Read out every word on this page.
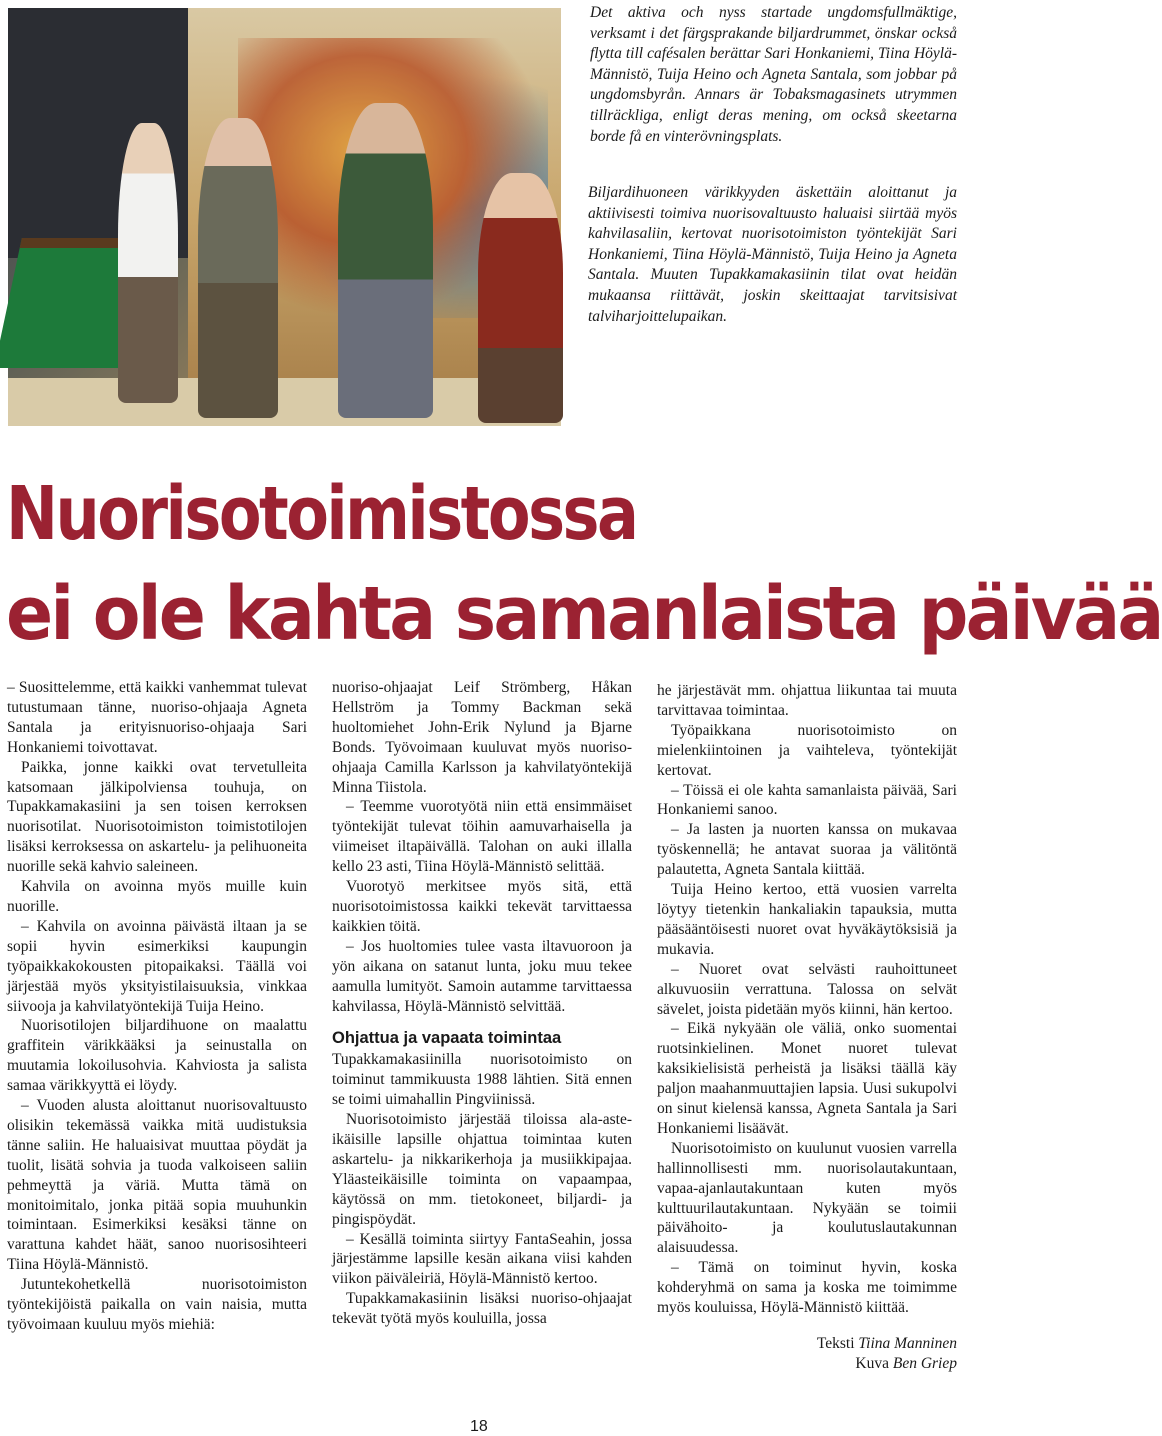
Det aktiva och nyss startade ungdomsfullmäktige, verksamt i det färgsprakande biljardrummet, önskar också flytta till cafésalen berättar Sari Honkaniemi, Tiina Höylä-Männistö, Tuija Heino och Agneta Santala, som jobbar på ungdomsbyrån. Annars är Tobaksmagasinets utrymmen tillräckliga, enligt deras mening, om också skeetarna borde få en vinterövningsplats.

Biljardihuoneen värikkyyden äskettäin aloittanut ja aktiivisesti toimiva nuorisovaltuusto haluaisi siirtää myös kahvilasaliin, kertovat nuorisotoimiston työntekijät Sari Honkaniemi, Tiina Höylä-Männistö, Tuija Heino ja Agneta Santala. Muuten Tupakkamakasiinin tilat ovat heidän mukaansa riittävät, joskin skeittaajat tarvitsisivat talviharjoittelupaikan.

Nuorisotoimistossa
ei ole kahta samanlaista päivää

– Suosittelemme, että kaikki vanhemmat tulevat tutustumaan tänne, nuoriso-ohjaaja Agneta Santala ja erityisnuoriso-ohjaaja Sari Honkaniemi toivottavat.

Paikka, jonne kaikki ovat tervetulleita katsomaan jälkipolviensa touhuja, on Tupakkamakasiini ja sen toisen kerroksen nuorisotilat. Nuorisotoimiston toimistotilojen lisäksi kerroksessa on askartelu- ja pelihuoneita nuorille sekä kahvio saleineen.

Kahvila on avoinna myös muille kuin nuorille.

– Kahvila on avoinna päivästä iltaan ja se sopii hyvin esimerkiksi kaupungin työpaikkakokousten pitopaikaksi. Täällä voi järjestää myös yksityistilaisuuksia, vinkkaa siivooja ja kahvilatyöntekijä Tuija Heino.

Nuorisotilojen biljardihuone on maalattu graffitein värikkääksi ja seinustalla on muutamia lokoilusohvia. Kahviosta ja salista samaa värikkyyttä ei löydy.

– Vuoden alusta aloittanut nuorisovaltuusto olisikin tekemässä vaikka mitä uudistuksia tänne saliin. He haluaisivat muuttaa pöydät ja tuolit, lisätä sohvia ja tuoda valkoiseen saliin pehmeyttä ja väriä. Mutta tämä on monitoimitalo, jonka pitää sopia muuhunkin toimintaan. Esimerkiksi kesäksi tänne on varattuna kahdet häät, sanoo nuorisosihteeri Tiina Höylä-Männistö.

Jutuntekohetkellä nuorisotoimiston työntekijöistä paikalla on vain naisia, mutta työvoimaan kuuluu myös miehiä:

nuoriso-ohjaajat Leif Strömberg, Håkan Hellström ja Tommy Backman sekä huoltomiehet John-Erik Nylund ja Bjarne Bonds. Työvoimaan kuuluvat myös nuoriso-ohjaaja Camilla Karlsson ja kahvilatyöntekijä Minna Tiistola.

– Teemme vuorotyötä niin että ensimmäiset työntekijät tulevat töihin aamuvarhaisella ja viimeiset iltapäivällä. Talohan on auki illalla kello 23 asti, Tiina Höylä-Männistö selittää.

Vuorotyö merkitsee myös sitä, että nuorisotoimistossa kaikki tekevät tarvittaessa kaikkien töitä.

– Jos huoltomies tulee vasta iltavuoroon ja yön aikana on satanut lunta, joku muu tekee aamulla lumityöt. Samoin autamme tarvittaessa kahvilassa, Höylä-Männistö selvittää.

Ohjattua ja vapaata toimintaa

Tupakkamakasiinilla nuorisotoimisto on toiminut tammikuusta 1988 lähtien. Sitä ennen se toimi uimahallin Pingviinissä.

Nuorisotoimisto järjestää tiloissa ala-aste-ikäisille lapsille ohjattua toimintaa kuten askartelu- ja nikkarikerhoja ja musiikkipajaa. Yläasteikäisille toiminta on vapaampaa, käytössä on mm. tietokoneet, biljardi- ja pingispöydät.

– Kesällä toiminta siirtyy FantaSeahin, jossa järjestämme lapsille kesän aikana viisi kahden viikon päiväleiriä, Höylä-Männistö kertoo.

Tupakkamakasiinin lisäksi nuoriso-ohjaajat tekevät työtä myös kouluilla, jossa

he järjestävät mm. ohjattua liikuntaa tai muuta tarvittavaa toimintaa.

Työpaikkana nuorisotoimisto on mielenkiintoinen ja vaihteleva, työntekijät kertovat.

– Töissä ei ole kahta samanlaista päivää, Sari Honkaniemi sanoo.

– Ja lasten ja nuorten kanssa on mukavaa työskennellä; he antavat suoraa ja välitöntä palautetta, Agneta Santala kiittää.

Tuija Heino kertoo, että vuosien varrelta löytyy tietenkin hankaliakin tapauksia, mutta pääsääntöisesti nuoret ovat hyväkäytöksisiä ja mukavia.

– Nuoret ovat selvästi rauhoittuneet alkuvuosiin verrattuna. Talossa on selvät sävelet, joista pidetään myös kiinni, hän kertoo.

– Eikä nykyään ole väliä, onko suomentai ruotsinkielinen. Monet nuoret tulevat kaksikielisistä perheistä ja lisäksi täällä käy paljon maahanmuuttajien lapsia. Uusi sukupolvi on sinut kielensä kanssa, Agneta Santala ja Sari Honkaniemi lisäävät.

Nuorisotoimisto on kuulunut vuosien varrella hallinnollisesti mm. nuorisolautakuntaan, vapaa-ajanlautakuntaan kuten myös kulttuurilautakuntaan. Nykyään se toimii päivähoito- ja koulutuslautakunnan alaisuudessa.

– Tämä on toiminut hyvin, koska kohderyhmä on sama ja koska me toimimme myös kouluissa, Höylä-Männistö kiittää.

Teksti Tiina Manninen

Kuva Ben Griep

18
